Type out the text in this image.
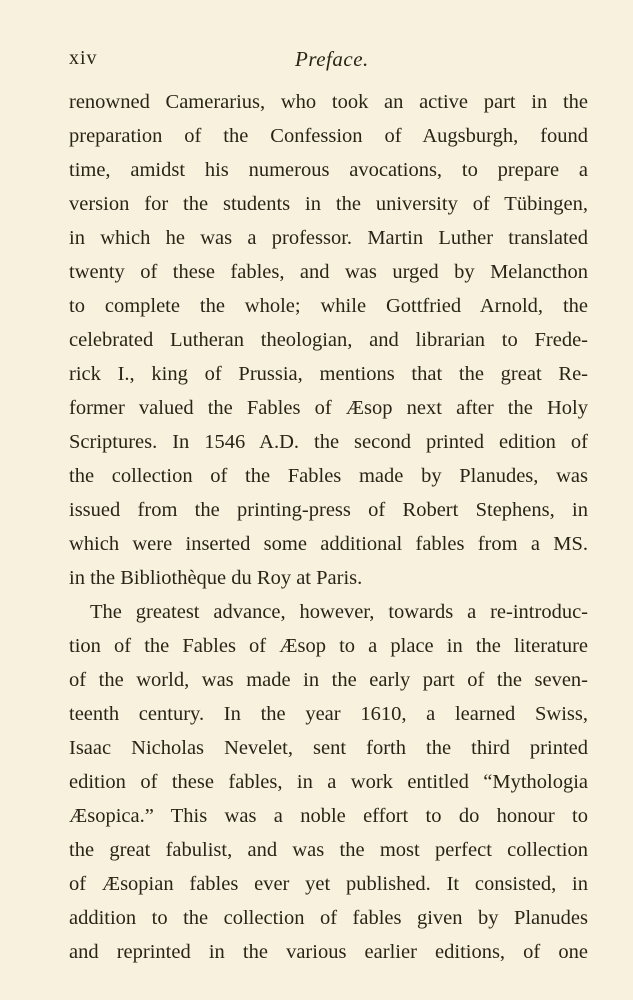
xiv	Preface.
renowned Camerarius, who took an active part in the
preparation of the Confession of Augsburgh, found
time, amidst his numerous avocations, to prepare a
version for the students in the university of Tübingen,
in which he was a professor. Martin Luther translated
twenty of these fables, and was urged by Melancthon
to complete the whole; while Gottfried Arnold, the
celebrated Lutheran theologian, and librarian to Frede-
rick I., king of Prussia, mentions that the great Re-
former valued the Fables of Æsop next after the Holy
Scriptures. In 1546 A.D. the second printed edition of
the collection of the Fables made by Planudes, was
issued from the printing-press of Robert Stephens, in
which were inserted some additional fables from a MS.
in the Bibliothèque du Roy at Paris.
The greatest advance, however, towards a re-introduc-
tion of the Fables of Æsop to a place in the literature
of the world, was made in the early part of the seven-
teenth century. In the year 1610, a learned Swiss,
Isaac Nicholas Nevelet, sent forth the third printed
edition of these fables, in a work entitled “Mythologia
Æsopica.” This was a noble effort to do honour to
the great fabulist, and was the most perfect collection
of Æsopian fables ever yet published. It consisted, in
addition to the collection of fables given by Planudes
and reprinted in the various earlier editions, of one
